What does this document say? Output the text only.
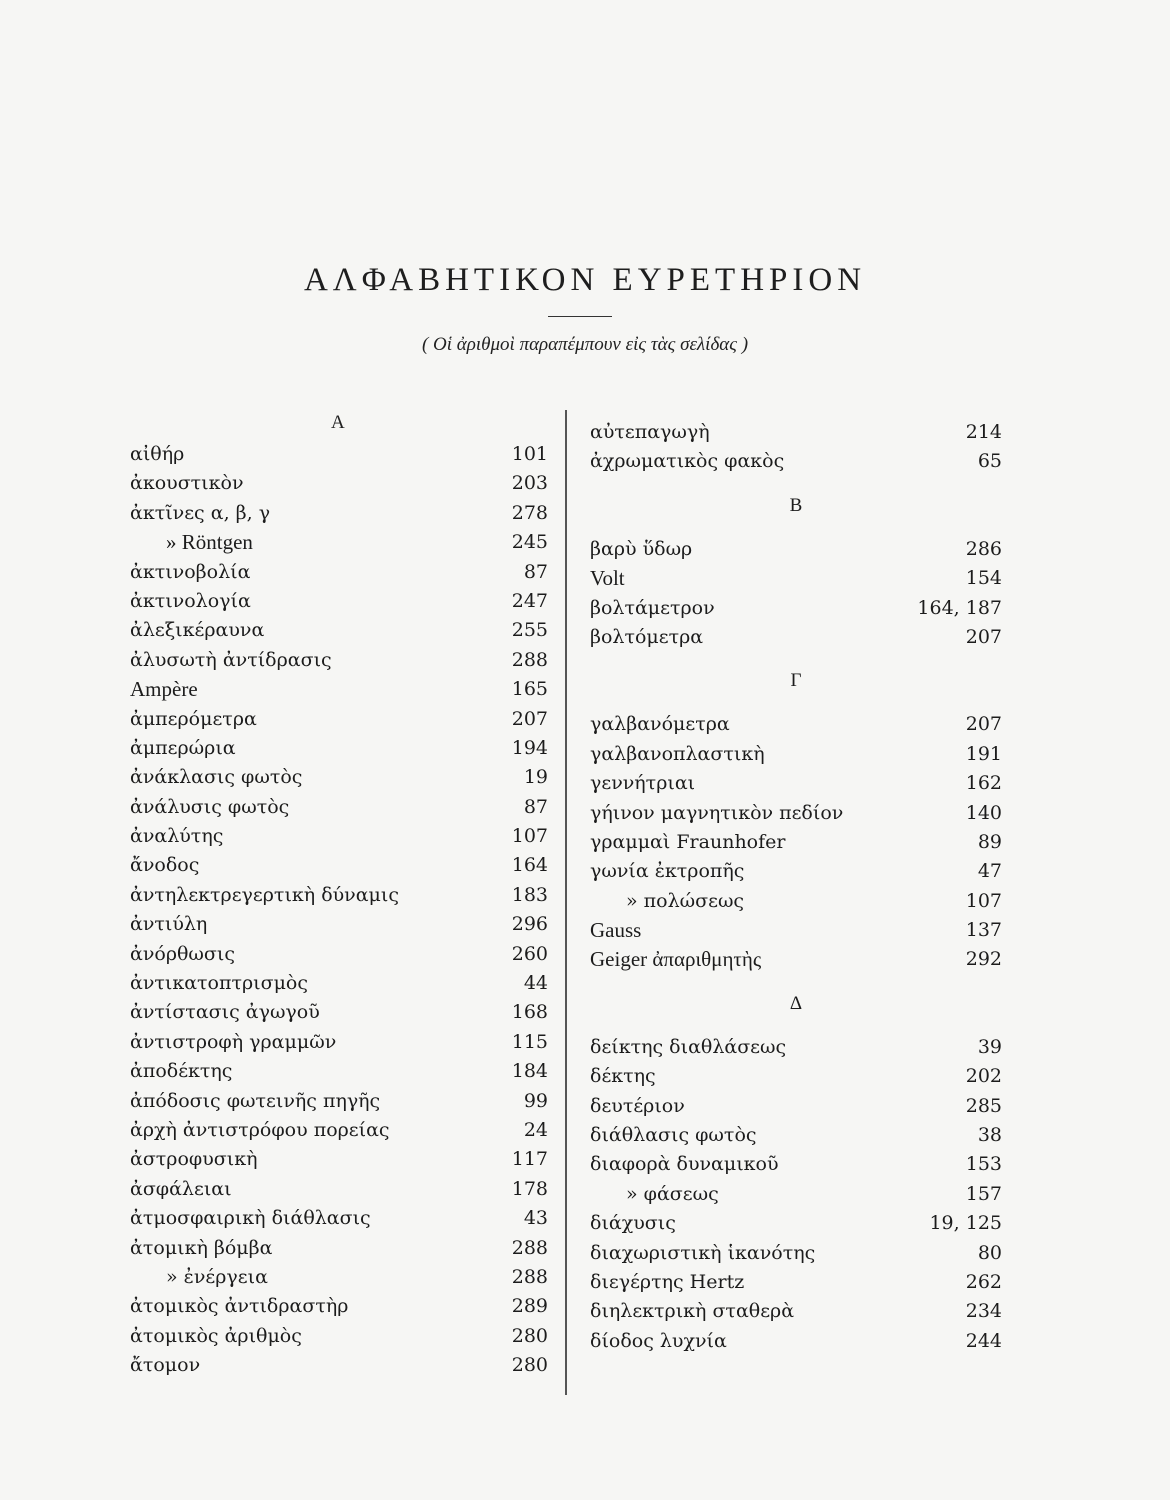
ΑΛΦΑΒΗΤΙΚΟΝ ΕΥΡΕΤΗΡΙΟΝ
( Οἱ ἀριθμοὶ παραπέμπουν εἰς τὰς σελίδας )
Α
αἰθήρ	101
ἀκουστικὸν	203
ἀκτῖνες α, β, γ	278
» Röntgen	245
ἀκτινοβολία	87
ἀκτινολογία	247
ἀλεξικέραυνα	255
ἀλυσωτὴ ἀντίδρασις	288
Ampère	165
ἀμπερόμετρα	207
ἀμπερώρια	194
ἀνάκλασις φωτὸς	19
ἀνάλυσις φωτὸς	87
ἀναλύτης	107
ἄνοδος	164
ἀντηλεκτρεγερτικὴ δύναμις	183
ἀντιύλη	296
ἀνόρθωσις	260
ἀντικατοπτρισμὸς	44
ἀντίστασις ἀγωγοῦ	168
ἀντιστροφὴ γραμμῶν	115
ἀποδέκτης	184
ἀπόδοσις φωτεινῆς πηγῆς	99
ἀρχὴ ἀντιστρόφου πορείας	24
ἀστροφυσικὴ	117
ἀσφάλειαι	178
ἀτμοσφαιρικὴ διάθλασις	43
ἀτομικὴ βόμβα	288
» ἐνέργεια	288
ἀτομικὸς ἀντιδραστὴρ	289
ἀτομικὸς ἀριθμὸς	280
ἄτομον	280
αὐτεπαγωγὴ	214
ἀχρωματικὸς φακὸς	65
Β
βαρὺ ὕδωρ	286
Volt	154
βολτάμετρον	164, 187
βολτόμετρα	207
Γ
γαλβανόμετρα	207
γαλβανοπλαστικὴ	191
γεννήτριαι	162
γήινον μαγνητικὸν πεδίον	140
γραμμαὶ Fraunhofer	89
γωνία ἐκτροπῆς	47
» πολώσεως	107
Gauss	137
Geiger ἀπαριθμητὴς	292
Δ
δείκτης διαθλάσεως	39
δέκτης	202
δευτέριον	285
διάθλασις φωτὸς	38
διαφορὰ δυναμικοῦ	153
» φάσεως	157
διάχυσις	19, 125
διαχωριστικὴ ἱκανότης	80
διεγέρτης Hertz	262
διηλεκτρικὴ σταθερὰ	234
δίοδος λυχνία	244
